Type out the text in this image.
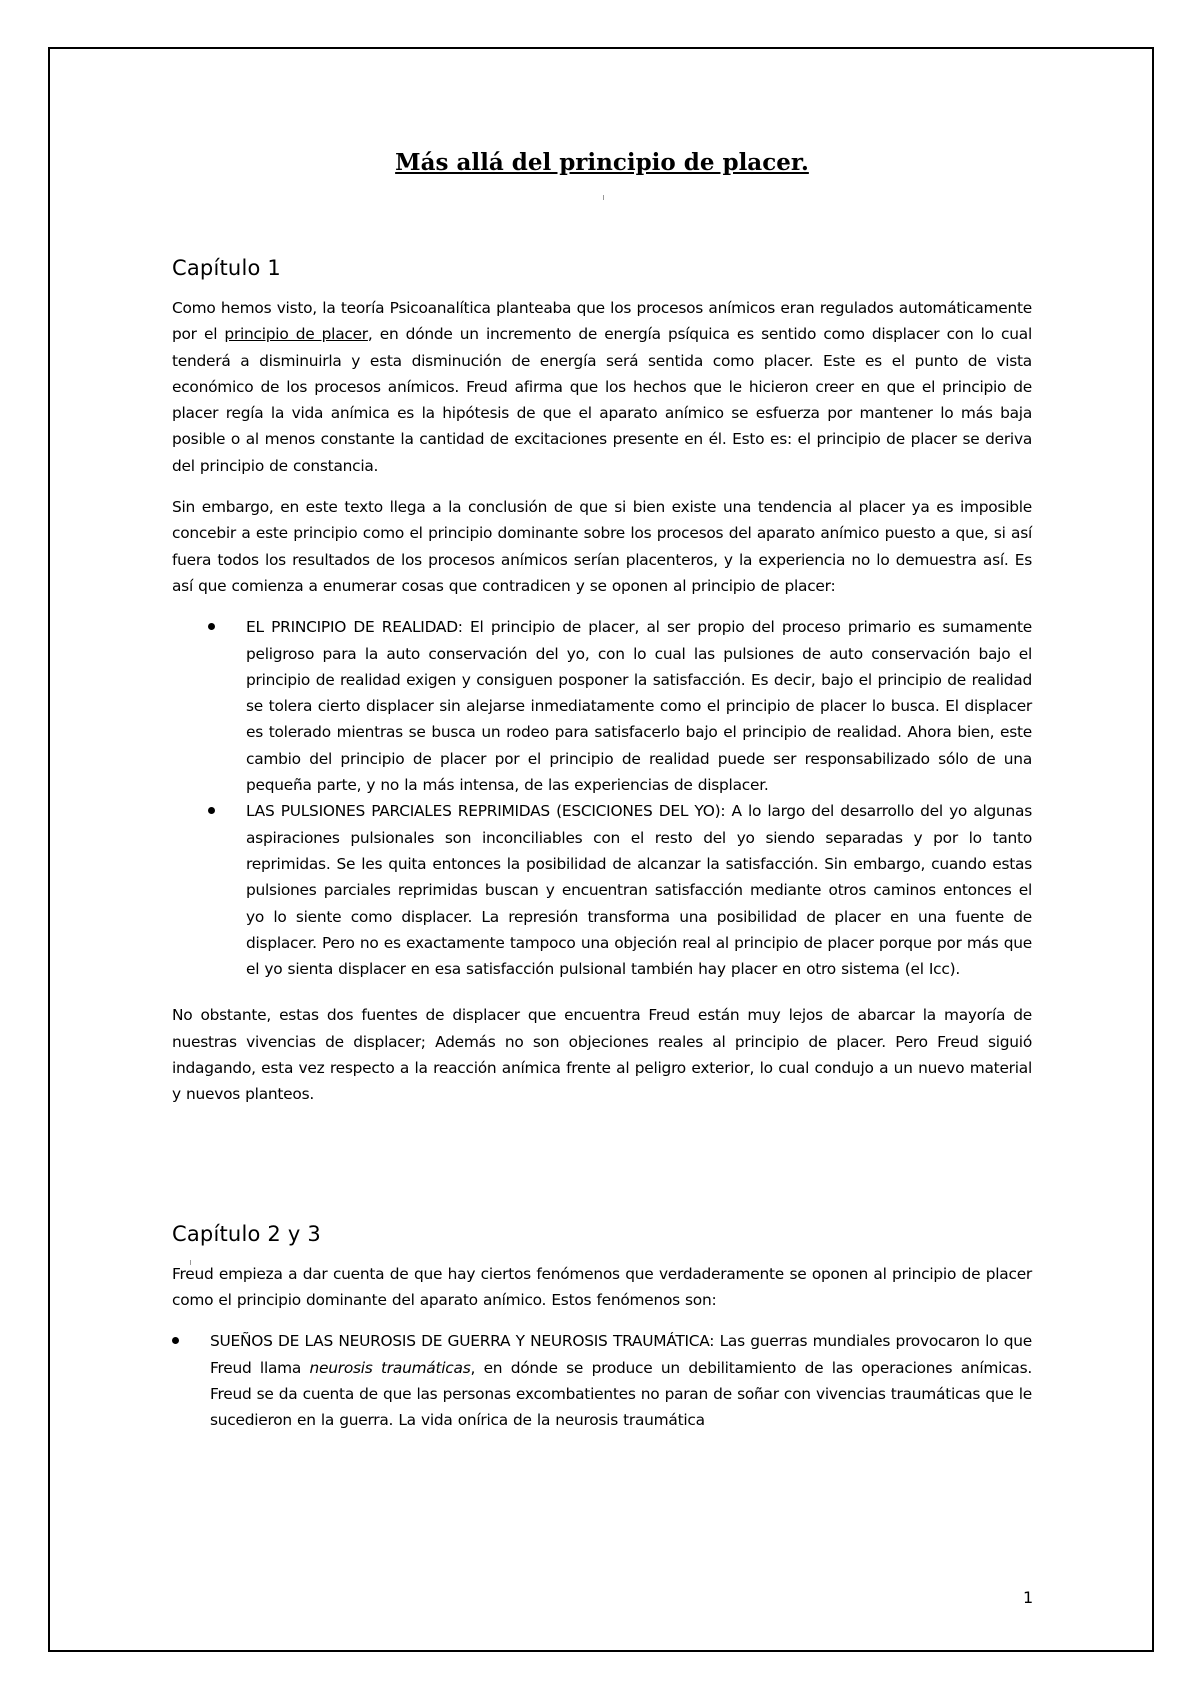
Más allá del principio de placer.
Capítulo 1

Como hemos visto, la teoría Psicoanalítica planteaba que los procesos anímicos eran regulados automáticamente por el principio de placer, en dónde un incremento de energía psíquica es sentido como displacer con lo cual tenderá a disminuirla y esta disminución de energía será sentida como placer. Este es el punto de vista económico de los procesos anímicos. Freud afirma que los hechos que le hicieron creer en que el principio de placer regía la vida anímica es la hipótesis de que el aparato anímico se esfuerza por mantener lo más baja posible o al menos constante la cantidad de excitaciones presente en él. Esto es: el principio de placer se deriva del principio de constancia.

Sin embargo, en este texto llega a la conclusión de que si bien existe una tendencia al placer ya es imposible concebir a este principio como el principio dominante sobre los procesos del aparato anímico puesto a que, si así fuera todos los resultados de los procesos anímicos serían placenteros, y la experiencia no lo demuestra así. Es así que comienza a enumerar cosas que contradicen y se oponen al principio de placer:

EL PRINCIPIO DE REALIDAD: El principio de placer, al ser propio del proceso primario es sumamente peligroso para la auto conservación del yo, con lo cual las pulsiones de auto conservación bajo el principio de realidad exigen y consiguen posponer la satisfacción. Es decir, bajo el principio de realidad se tolera cierto displacer sin alejarse inmediatamente como el principio de placer lo busca. El displacer es tolerado mientras se busca un rodeo para satisfacerlo bajo el principio de realidad. Ahora bien, este cambio del principio de placer por el principio de realidad puede ser responsabilizado sólo de una pequeña parte, y no la más intensa, de las experiencias de displacer.
LAS PULSIONES PARCIALES REPRIMIDAS (ESCICIONES DEL YO): A lo largo del desarrollo del yo algunas aspiraciones pulsionales son inconciliables con el resto del yo siendo separadas y por lo tanto reprimidas. Se les quita entonces la posibilidad de alcanzar la satisfacción. Sin embargo, cuando estas pulsiones parciales reprimidas buscan y encuentran satisfacción mediante otros caminos entonces el yo lo siente como displacer. La represión transforma una posibilidad de placer en una fuente de displacer. Pero no es exactamente tampoco una objeción real al principio de placer porque por más que el yo sienta displacer en esa satisfacción pulsional también hay placer en otro sistema (el Icc).

No obstante, estas dos fuentes de displacer que encuentra Freud están muy lejos de abarcar la mayoría de nuestras vivencias de displacer; Además no son objeciones reales al principio de placer. Pero Freud siguió indagando, esta vez respecto a la reacción anímica frente al peligro exterior, lo cual condujo a un nuevo material y nuevos planteos.

Capítulo 2 y 3

Freud empieza a dar cuenta de que hay ciertos fenómenos que verdaderamente se oponen al principio de placer como el principio dominante del aparato anímico. Estos fenómenos son:

SUEÑOS DE LAS NEUROSIS DE GUERRA Y NEUROSIS TRAUMÁTICA: Las guerras mundiales provocaron lo que Freud llama neurosis traumáticas, en dónde se produce un debilitamiento de las operaciones anímicas. Freud se da cuenta de que las personas excombatientes no paran de soñar con vivencias traumáticas que le sucedieron en la guerra. La vida onírica de la neurosis traumática
1
